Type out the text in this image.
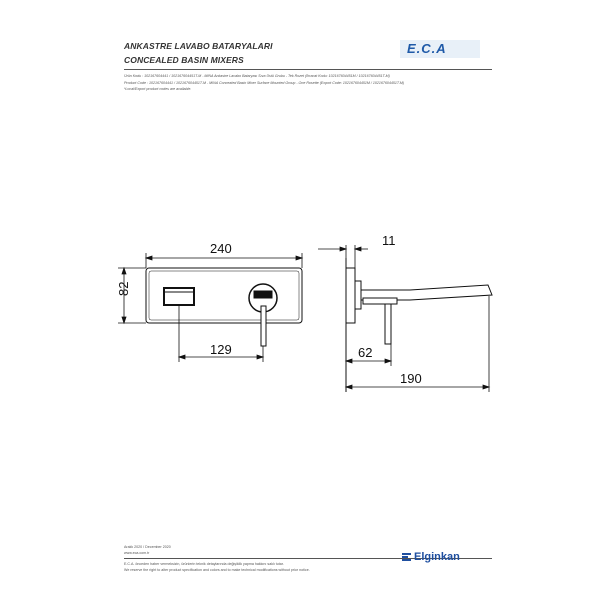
ANKASTRE LAVABO BATARYALARI
CONCEALED BASIN MIXERS
E.C.A
Ürün Kodu : 102167604441 / 102167604451T-M - MINA Ankastre Lavabo Bataryası Sıva Üstü Grubu - Tek Rozet (İhracat Kodu: 102167604451M / 102167604451T-M)
Product Code : 102167604441 / 102167604451T-M - MINA Concealed Basin Mixer Surface Mounted Group - One Rosette (Export Code: 102167604451M / 102167604451T-M)
*Local/Export product codes are available.
240
82
129
11
62
190
Aralık 2020 / December 2020
www.eca.com.tr
E.C.A. önceden haber vermeksizin, ürünlerin teknik detaylarında değişiklik yapma hakkını saklı tutar.
We reserve the right to alter product specification and colors and to make technical modifications without prior notice.
Elginkan
